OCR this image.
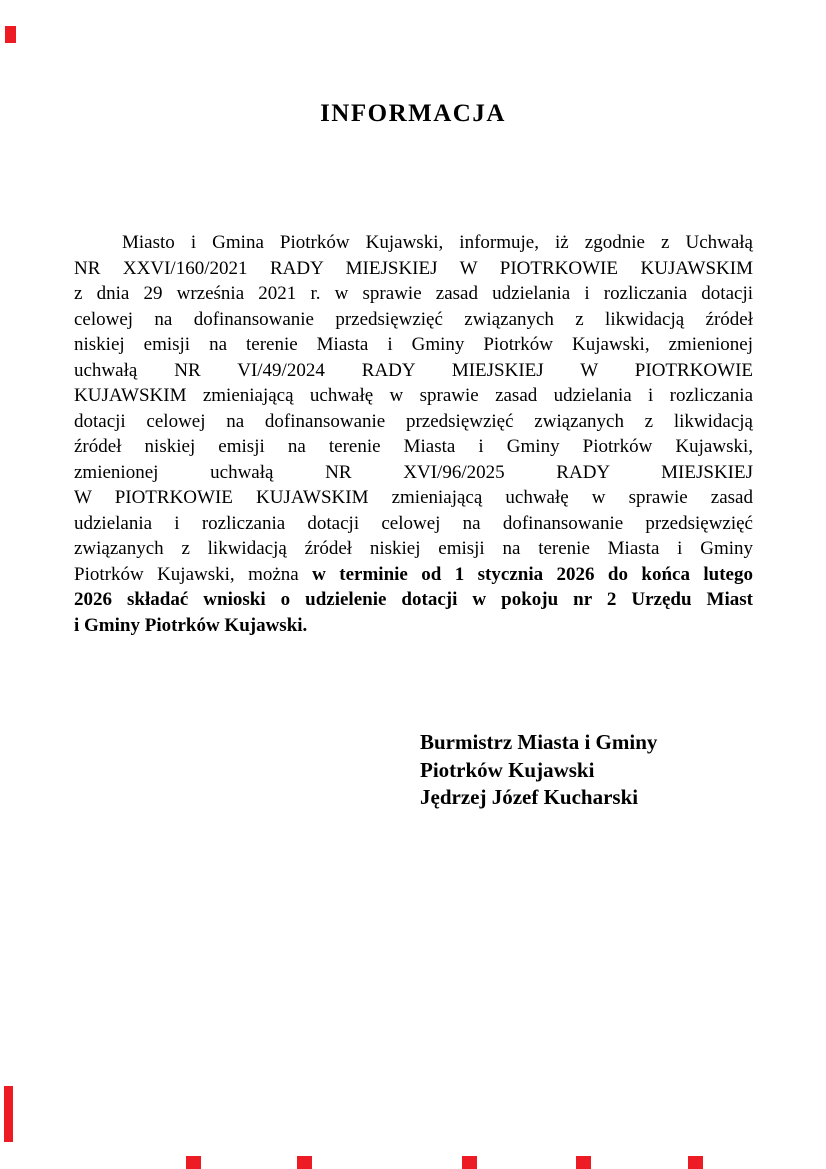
INFORMACJA
Miasto i Gmina Piotrków Kujawski, informuje, iż zgodnie z Uchwałą
NR XXVI/160/2021 RADY MIEJSKIEJ W PIOTRKOWIE KUJAWSKIM
z dnia 29 września 2021 r. w sprawie zasad udzielania i rozliczania dotacji
celowej na dofinansowanie przedsięwzięć związanych z likwidacją źródeł
niskiej emisji na terenie Miasta i Gminy Piotrków Kujawski, zmienionej
uchwałą NR VI/49/2024 RADY MIEJSKIEJ W PIOTRKOWIE
KUJAWSKIM zmieniającą uchwałę w sprawie zasad udzielania i rozliczania
dotacji celowej na dofinansowanie przedsięwzięć związanych z likwidacją
źródeł niskiej emisji na terenie Miasta i Gminy Piotrków Kujawski,
zmienionej uchwałą NR XVI/96/2025 RADY MIEJSKIEJ
W PIOTRKOWIE KUJAWSKIM zmieniającą uchwałę w sprawie zasad
udzielania i rozliczania dotacji celowej na dofinansowanie przedsięwzięć
związanych z likwidacją źródeł niskiej emisji na terenie Miasta i Gminy
Piotrków Kujawski, można w terminie od 1 stycznia 2026 do końca lutego
2026 składać wnioski o udzielenie dotacji w pokoju nr 2 Urzędu Miast
i Gminy Piotrków Kujawski.
Burmistrz Miasta i Gminy
Piotrków Kujawski
Jędrzej Józef Kucharski
